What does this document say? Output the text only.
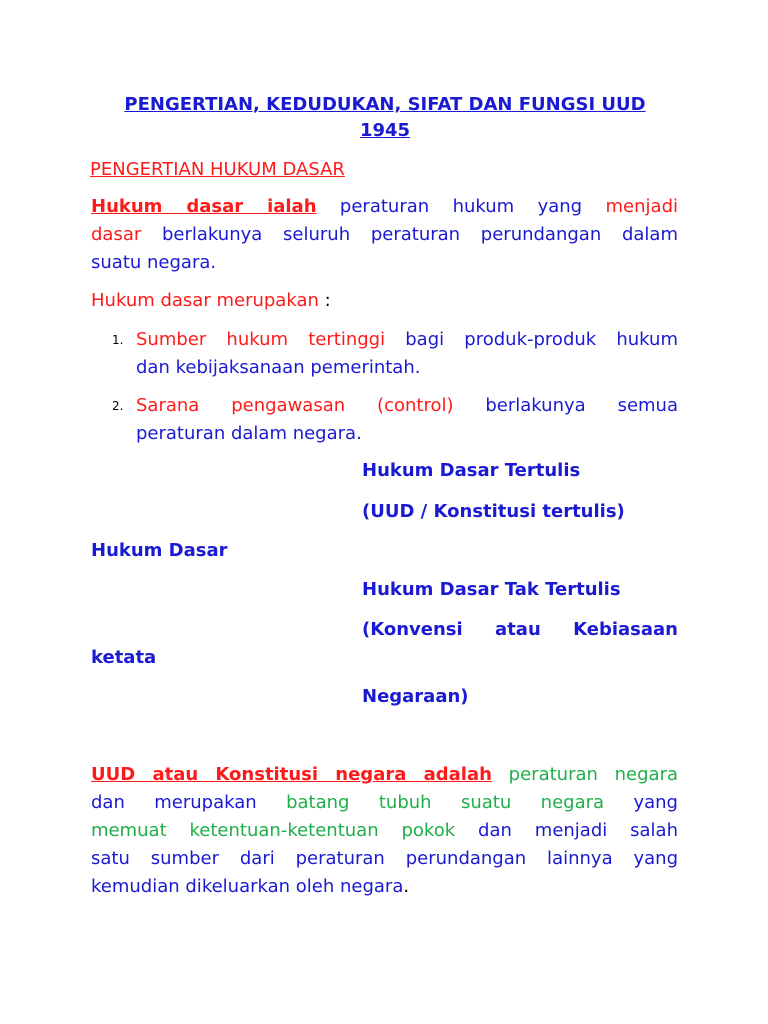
PENGERTIAN, KEDUDUKAN, SIFAT DAN FUNGSI UUD
1945
PENGERTIAN HUKUM DASAR
Hukum dasar ialah peraturan hukum yang menjadi
dasar berlakunya seluruh peraturan perundangan dalam
suatu negara.
Hukum dasar merupakan :
1. Sumber hukum tertinggi bagi produk-produk hukum
dan kebijaksanaan pemerintah.
2. Sarana pengawasan (control) berlakunya semua
peraturan dalam negara.
Hukum Dasar Tertulis
(UUD / Konstitusi tertulis)
Hukum Dasar
Hukum Dasar Tak Tertulis
(Konvensi atau Kebiasaan
ketata
Negaraan)
UUD atau Konstitusi negara adalah peraturan negara
dan merupakan batang tubuh suatu negara yang
memuat ketentuan-ketentuan pokok dan menjadi salah
satu sumber dari peraturan perundangan lainnya yang
kemudian dikeluarkan oleh negara.
